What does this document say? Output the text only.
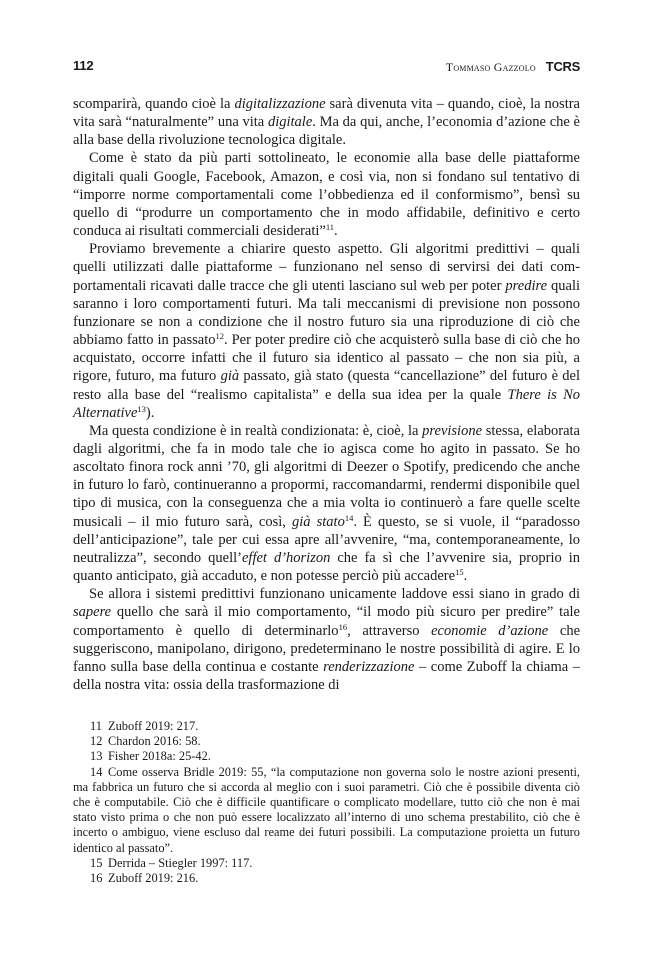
112	Tommaso Gazzolo TCRS

scomparirà, quando cioè la digitalizzazione sarà divenuta vita – quando, cioè, la nostra vita sarà “naturalmente” una vita digitale. Ma da qui, anche, l’economia d’azione che è alla base della rivoluzione tecnologica digitale.

Come è stato da più parti sottolineato, le economie alla base delle piattaforme digitali quali Google, Facebook, Amazon, e così via, non si fondano sul tentativo di “imporre norme comportamentali come l’obbedienza ed il conformismo”, bensì su quello di “produrre un comportamento che in modo affidabile, definitivo e certo conduca ai risultati commerciali desiderati”$^{11}$.

Proviamo brevemente a chiarire questo aspetto. Gli algoritmi predittivi – quali quelli utilizzati dalle piattaforme – funzionano nel senso di servirsi dei dati comportamentali ricavati dalle tracce che gli utenti lasciano sul web per poter predire quali saranno i loro comportamenti futuri. Ma tali meccanismi di previsione non possono funzionare se non a condizione che il nostro futuro sia una riproduzione di ciò che abbiamo fatto in passato$^{12}$. Per poter predire ciò che acquisterò sulla base di ciò che ho acquistato, occorre infatti che il futuro sia identico al passato – che non sia più, a rigore, futuro, ma futuro già passato, già stato (questa “cancellazione” del futuro è del resto alla base del “realismo capitalista” e della sua idea per la quale There is No Alternative$^{13}$).

Ma questa condizione è in realtà condizionata: è, cioè, la previsione stessa, elaborata dagli algoritmi, che fa in modo tale che io agisca come ho agito in passato. Se ho ascoltato finora rock anni ’70, gli algoritmi di Deezer o Spotify, predicendo che anche in futuro lo farò, continueranno a propormi, raccomandarmi, rendermi disponibile quel tipo di musica, con la conseguenza che a mia volta io continuerò a fare quelle scelte musicali – il mio futuro sarà, così, già stato$^{14}$. È questo, se si vuole, il “paradosso dell’anticipazione”, tale per cui essa apre all’avvenire, “ma, contemporaneamente, lo neutralizza”, secondo quell’effet d’horizon che fa sì che l’avvenire sia, proprio in quanto anticipato, già accaduto, e non potesse perciò più accadere$^{15}$.

Se allora i sistemi predittivi funzionano unicamente laddove essi siano in grado di sapere quello che sarà il mio comportamento, “il modo più sicuro per predire” tale comportamento è quello di determinarlo$^{16}$, attraverso economie d’azione che suggeriscono, manipolano, dirigono, predeterminano le nostre possibilità di agire. E lo fanno sulla base della continua e costante renderizzazione – come Zuboff la chiama – della nostra vita: ossia della trasformazione di

11 Zuboff 2019: 217.

12 Chardon 2016: 58.

13 Fisher 2018a: 25-42.

14 Come osserva Bridle 2019: 55, “la computazione non governa solo le nostre azioni presenti, ma fabbrica un futuro che si accorda al meglio con i suoi parametri. Ciò che è possibile diventa ciò che è computabile. Ciò che è difficile quantificare o complicato modellare, tutto ciò che non è mai stato visto prima o che non può essere localizzato all’interno di uno schema prestabilito, ciò che è incerto o ambiguo, viene escluso dal reame dei futuri possibili. La computazione proietta un futuro identico al passato”.

15 Derrida – Stiegler 1997: 117.

16 Zuboff 2019: 216.
